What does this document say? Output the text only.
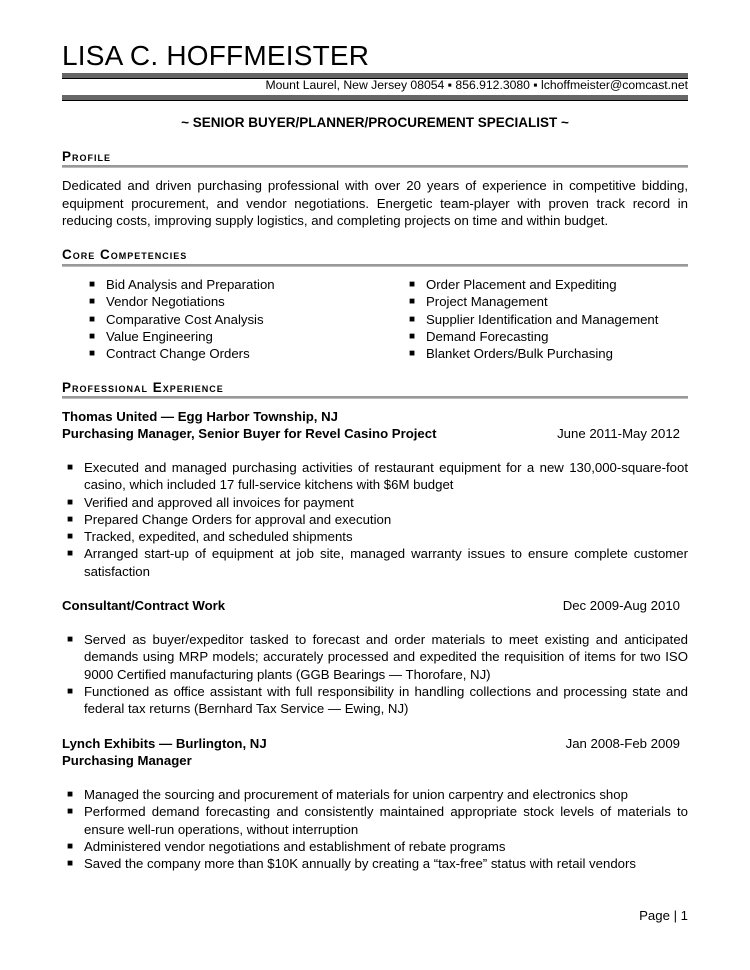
LISA C. HOFFMEISTER
Mount Laurel, New Jersey 08054 ▪ 856.912.3080 ▪ lchoffmeister@comcast.net
~ SENIOR BUYER/PLANNER/PROCUREMENT SPECIALIST ~
Profile
Dedicated and driven purchasing professional with over 20 years of experience in competitive bidding, equipment procurement, and vendor negotiations. Energetic team-player with proven track record in reducing costs, improving supply logistics, and completing projects on time and within budget.
Core Competencies
■ Bid Analysis and Preparation
■ Vendor Negotiations
■ Comparative Cost Analysis
■ Value Engineering
■ Contract Change Orders
■ Order Placement and Expediting
■ Project Management
■ Supplier Identification and Management
■ Demand Forecasting
■ Blanket Orders/Bulk Purchasing
Professional Experience
Thomas United — Egg Harbor Township, NJ
Purchasing Manager, Senior Buyer for Revel Casino Project	June 2011-May 2012
■ Executed and managed purchasing activities of restaurant equipment for a new 130,000-square-foot casino, which included 17 full-service kitchens with $6M budget
■ Verified and approved all invoices for payment
■ Prepared Change Orders for approval and execution
■ Tracked, expedited, and scheduled shipments
■ Arranged start-up of equipment at job site, managed warranty issues to ensure complete customer satisfaction
Consultant/Contract Work	Dec 2009-Aug 2010
■ Served as buyer/expeditor tasked to forecast and order materials to meet existing and anticipated demands using MRP models; accurately processed and expedited the requisition of items for two ISO 9000 Certified manufacturing plants (GGB Bearings — Thorofare, NJ)
■ Functioned as office assistant with full responsibility in handling collections and processing state and federal tax returns (Bernhard Tax Service — Ewing, NJ)
Lynch Exhibits — Burlington, NJ	Jan 2008-Feb 2009
Purchasing Manager
■ Managed the sourcing and procurement of materials for union carpentry and electronics shop
■ Performed demand forecasting and consistently maintained appropriate stock levels of materials to ensure well-run operations, without interruption
■ Administered vendor negotiations and establishment of rebate programs
■ Saved the company more than $10K annually by creating a “tax-free” status with retail vendors
Page | 1
